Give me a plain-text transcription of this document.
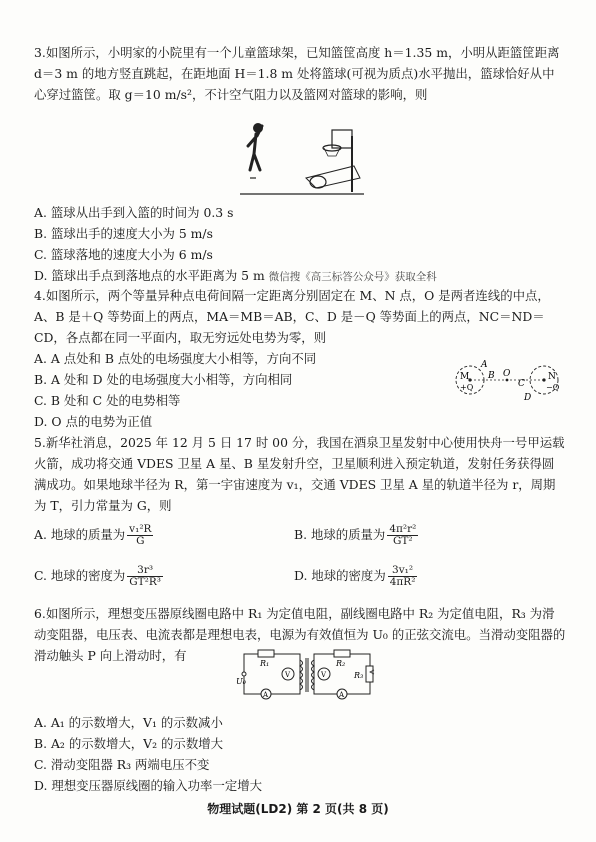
3.如图所示，小明家的小院里有一个儿童篮球架，已知篮筐高度 h＝1.35 m，小明从距篮筐距离 d＝3 m 的地方竖直跳起，在距地面 H＝1.8 m 处将篮球(可视为质点)水平抛出，篮球恰好从中心穿过篮筐。取 g＝10 m/s²，不计空气阻力以及篮网对篮球的影响，则

A. 篮球从出手到入篮的时间为 0.3 s

B. 篮球出手的速度大小为 5 m/s

C. 篮球落地的速度大小为 6 m/s

D. 篮球出手点到落地点的水平距离为 5 m 微信搜《高三标答公众号》获取全科

4.如图所示，两个等量异种点电荷间隔一定距离分别固定在 M、N 点，O 是两者连线的中点，A、B 是＋Q 等势面上的两点，MA＝MB＝AB，C、D 是－Q 等势面上的两点，NC＝ND＝CD，各点都在同一平面内，取无穷远处电势为零，则

A. A 点处和 B 点处的电场强度大小相等，方向不同

B. A 处和 D 处的电场强度大小相等，方向相同

C. B 处和 C 处的电势相等

D. O 点的电势为正值

M
+Q
N
−Q
A
B O
C
D

5.新华社消息，2025 年 12 月 5 日 17 时 00 分，我国在酒泉卫星发射中心使用快舟一号甲运载火箭，成功将交通 VDES 卫星 A 星、B 星发射升空，卫星顺利进入预定轨道，发射任务获得圆满成功。如果地球半径为 R，第一宇宙速度为 v₁，交通 VDES 卫星 A 星的轨道半径为 r，周期为 T，引力常量为 G，则

A. 地球的质量为 $\frac{\text{v₁²R}}{G}$	B. 地球的质量为 $\frac{\text{4π²r²}}{\text{GT²}}$
C. 地球的密度为 $\frac{\text{3r³}}{\text{GT²R³}}$	D. 地球的密度为 $\frac{\text{3v₁²}}{\text{4πR²}}$

6.如图所示，理想变压器原线圈电路中 R₁ 为定值电阻，副线圈电路中 R₂ 为定值电阻，R₃ 为滑动变阻器，电压表、电流表都是理想电表，电源为有效值恒为 U₀ 的正弦交流电。当滑动变阻器的滑动触头 P 向上滑动时，有

R₁
U₀
A
V
R₂
V
A
R₃

A. A₁ 的示数增大，V₁ 的示数减小

B. A₂ 的示数增大，V₂ 的示数增大

C. 滑动变阻器 R₃ 两端电压不变

D. 理想变压器原线圈的输入功率一定增大

物理试题(LD2) 第 2 页(共 8 页)
